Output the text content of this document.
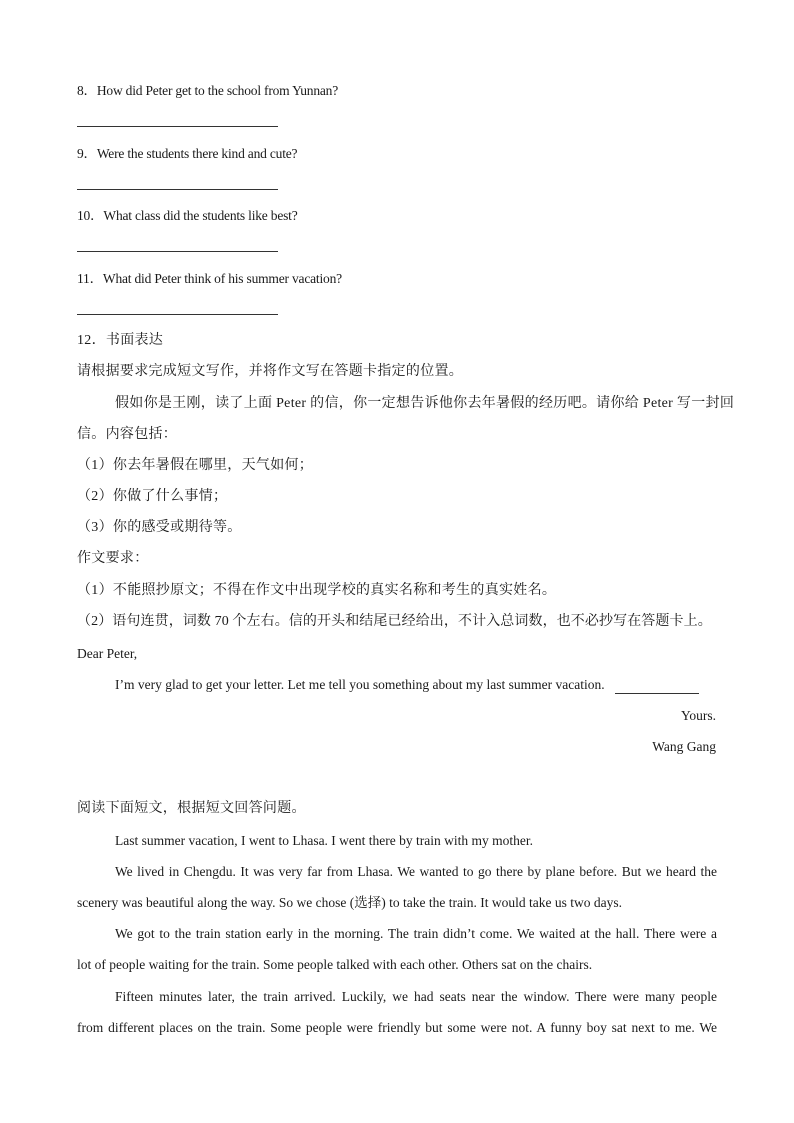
8．How did Peter get to the school from Yunnan?
9．Were the students there kind and cute?
10．What class did the students like best?
11．What did Peter think of his summer vacation?
12．书面表达
请根据要求完成短文写作，并将作文写在答题卡指定的位置。
假如你是王刚，读了上面 Peter 的信，你一定想告诉他你去年暑假的经历吧。请你给 Peter 写一封回
信。内容包括：
（1）你去年暑假在哪里，天气如何；
（2）你做了什么事情；
（3）你的感受或期待等。
作文要求：
（1）不能照抄原文；不得在作文中出现学校的真实名称和考生的真实姓名。
（2）语句连贯，词数 70 个左右。信的开头和结尾已经给出，不计入总词数，也不必抄写在答题卡上。
Dear Peter,
I’m very glad to get your letter. Let me tell you something about my last summer vacation.
Yours.
Wang Gang
阅读下面短文，根据短文回答问题。
Last summer vacation, I went to Lhasa. I went there by train with my mother.
We lived in Chengdu. It was very far from Lhasa. We wanted to go there by plane before. But we heard the
scenery was beautiful along the way. So we chose (选择) to take the train. It would take us two days.
We got to the train station early in the morning. The train didn’t come. We waited at the hall. There were a
lot of people waiting for the train. Some people talked with each other. Others sat on the chairs.
Fifteen minutes later, the train arrived. Luckily, we had seats near the window. There were many people
from different places on the train. Some people were friendly but some were not. A funny boy sat next to me. We
